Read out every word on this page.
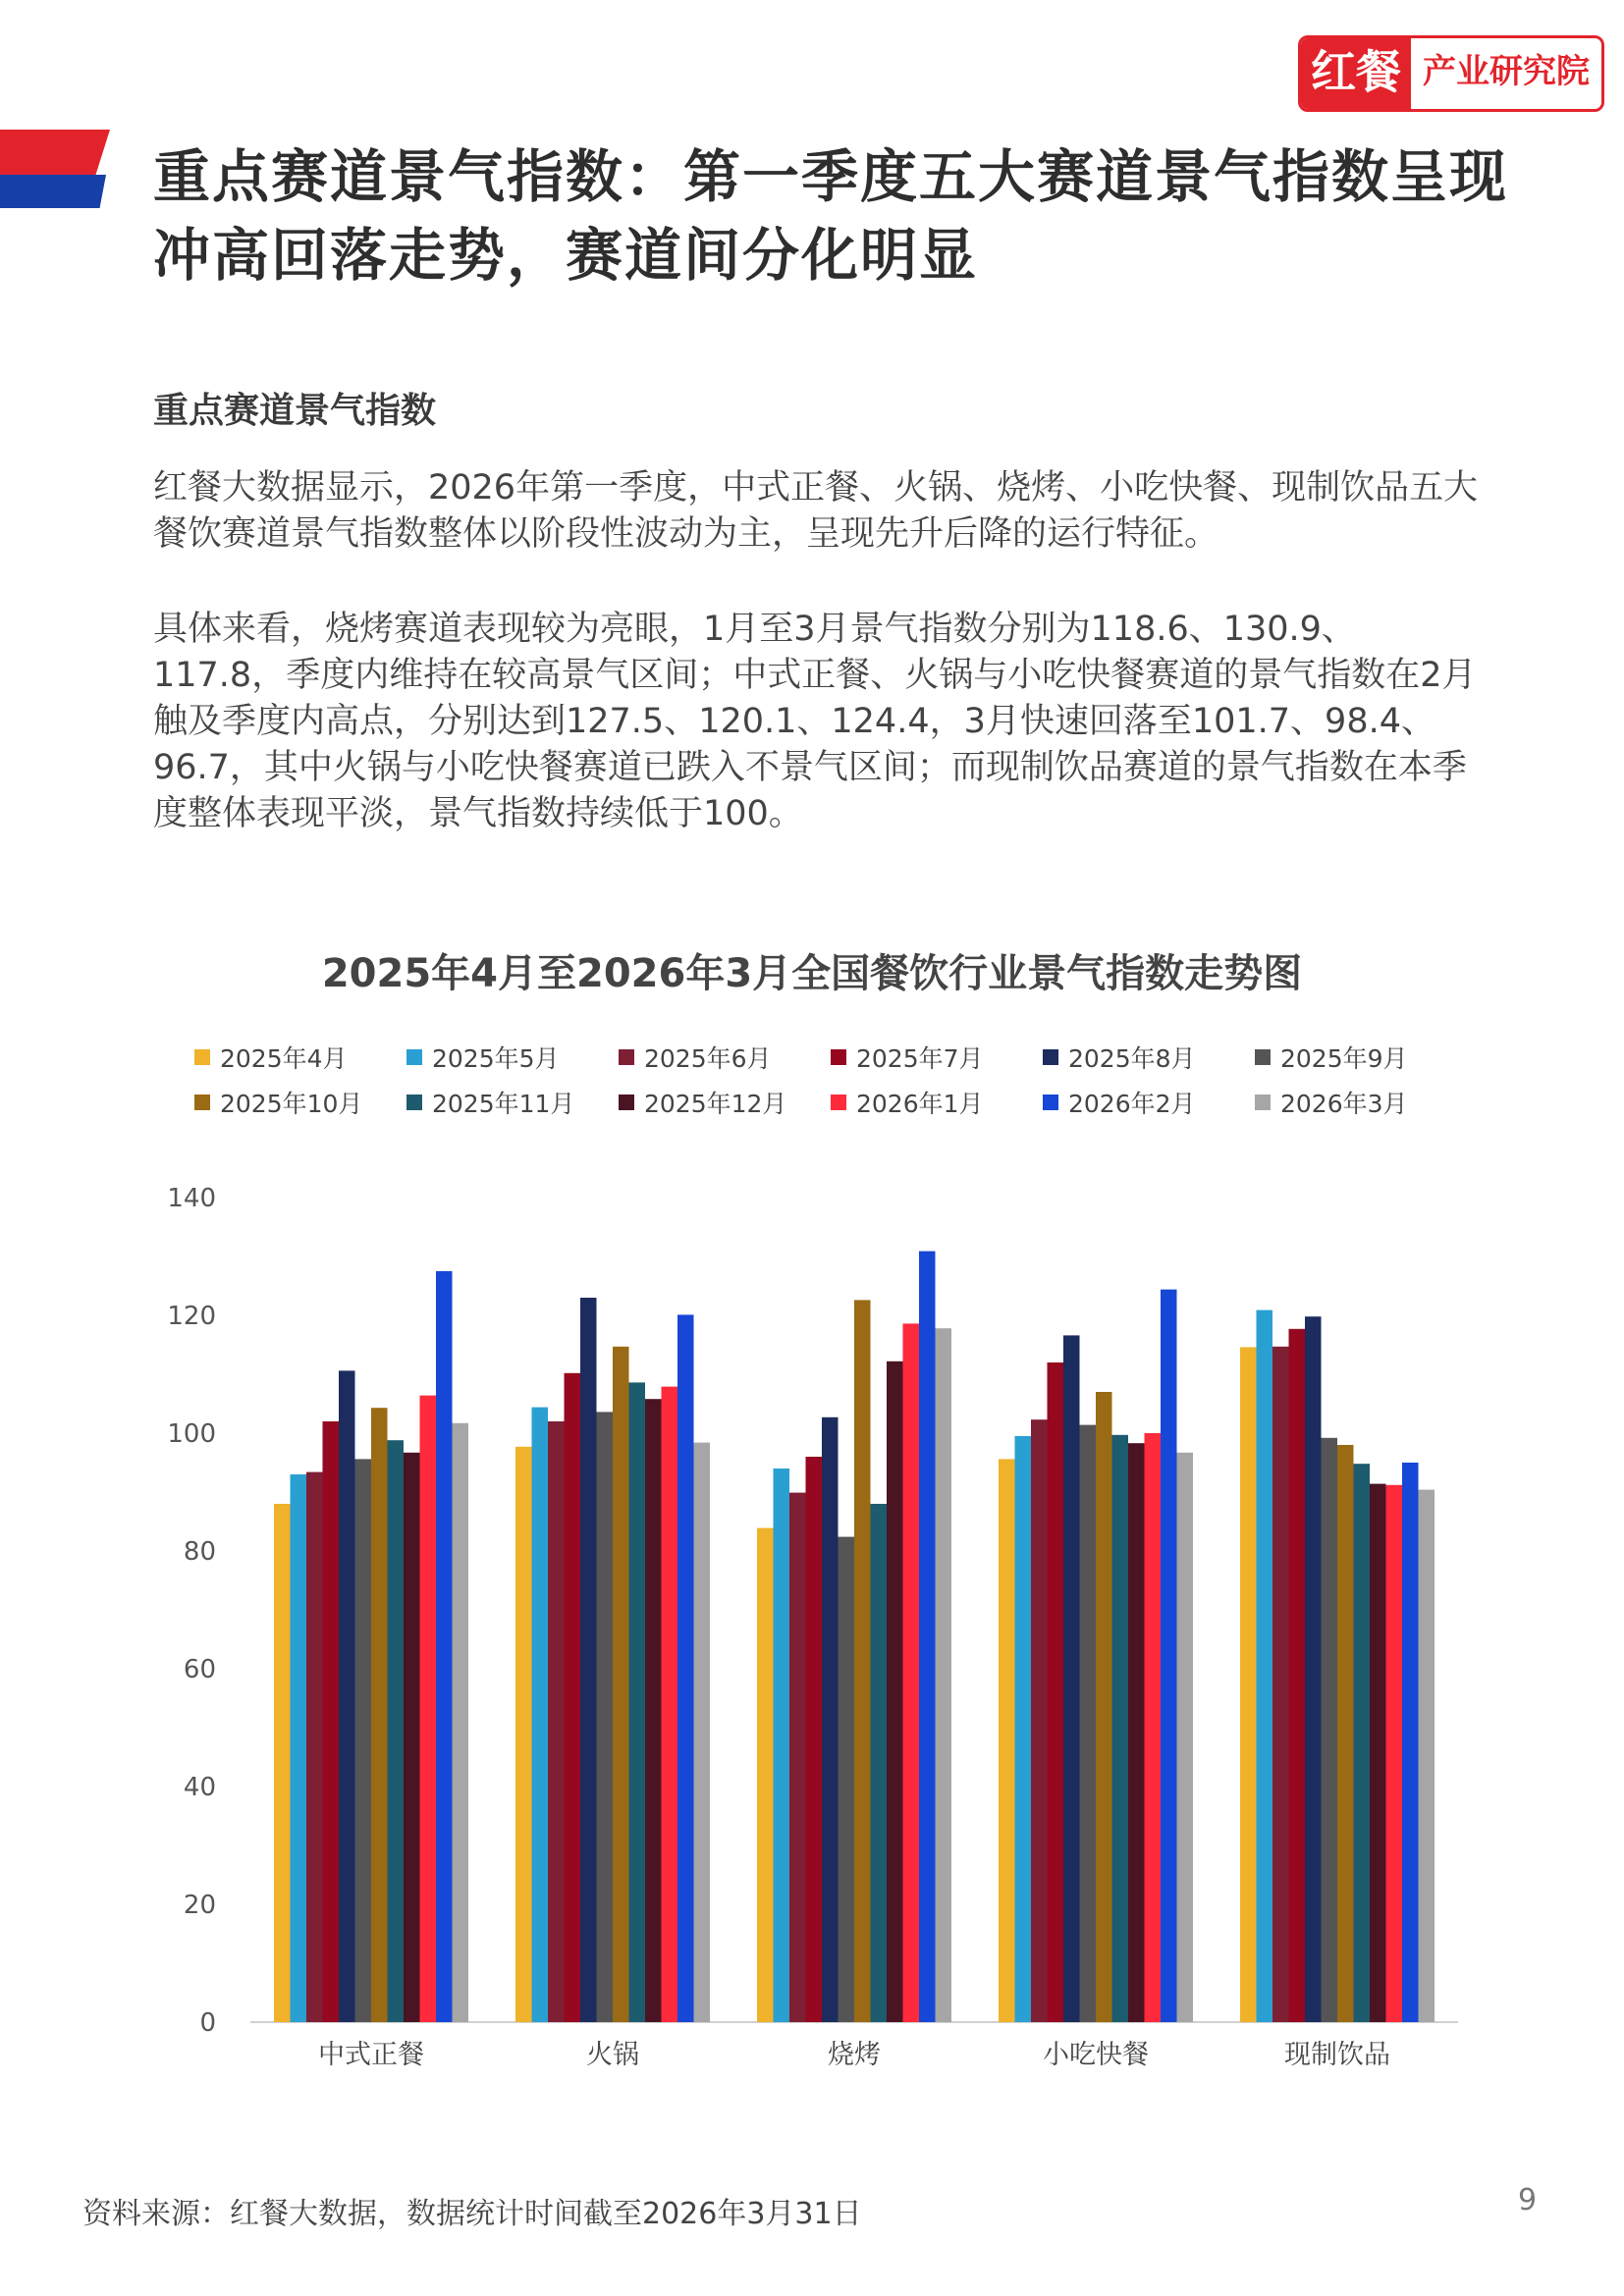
红餐 产业研究院
重点赛道景气指数：第一季度五大赛道景气指数呈现冲高回落走势，赛道间分化明显
重点赛道景气指数
红餐大数据显示，2026年第一季度，中式正餐、火锅、烧烤、小吃快餐、现制饮品五大餐饮赛道景气指数整体以阶段性波动为主，呈现先升后降的运行特征。
具体来看，烧烤赛道表现较为亮眼，1月至3月景气指数分别为118.6、130.9、117.8，季度内维持在较高景气区间；中式正餐、火锅与小吃快餐赛道的景气指数在2月触及季度内高点，分别达到127.5、120.1、124.4，3月快速回落至101.7、98.4、96.7，其中火锅与小吃快餐赛道已跌入不景气区间；而现制饮品赛道的景气指数在本季度整体表现平淡，景气指数持续低于100。
2025年4月至2026年3月全国餐饮行业景气指数走势图
2025年4月	2025年5月	2025年6月	2025年7月	2025年8月	2025年9月
2025年10月	2025年11月	2025年12月	2026年1月	2026年2月	2026年3月
0
20
40
60
80
100
120
140
中式正餐	火锅	烧烤	小吃快餐	现制饮品
资料来源：红餐大数据，数据统计时间截至2026年3月31日	9
